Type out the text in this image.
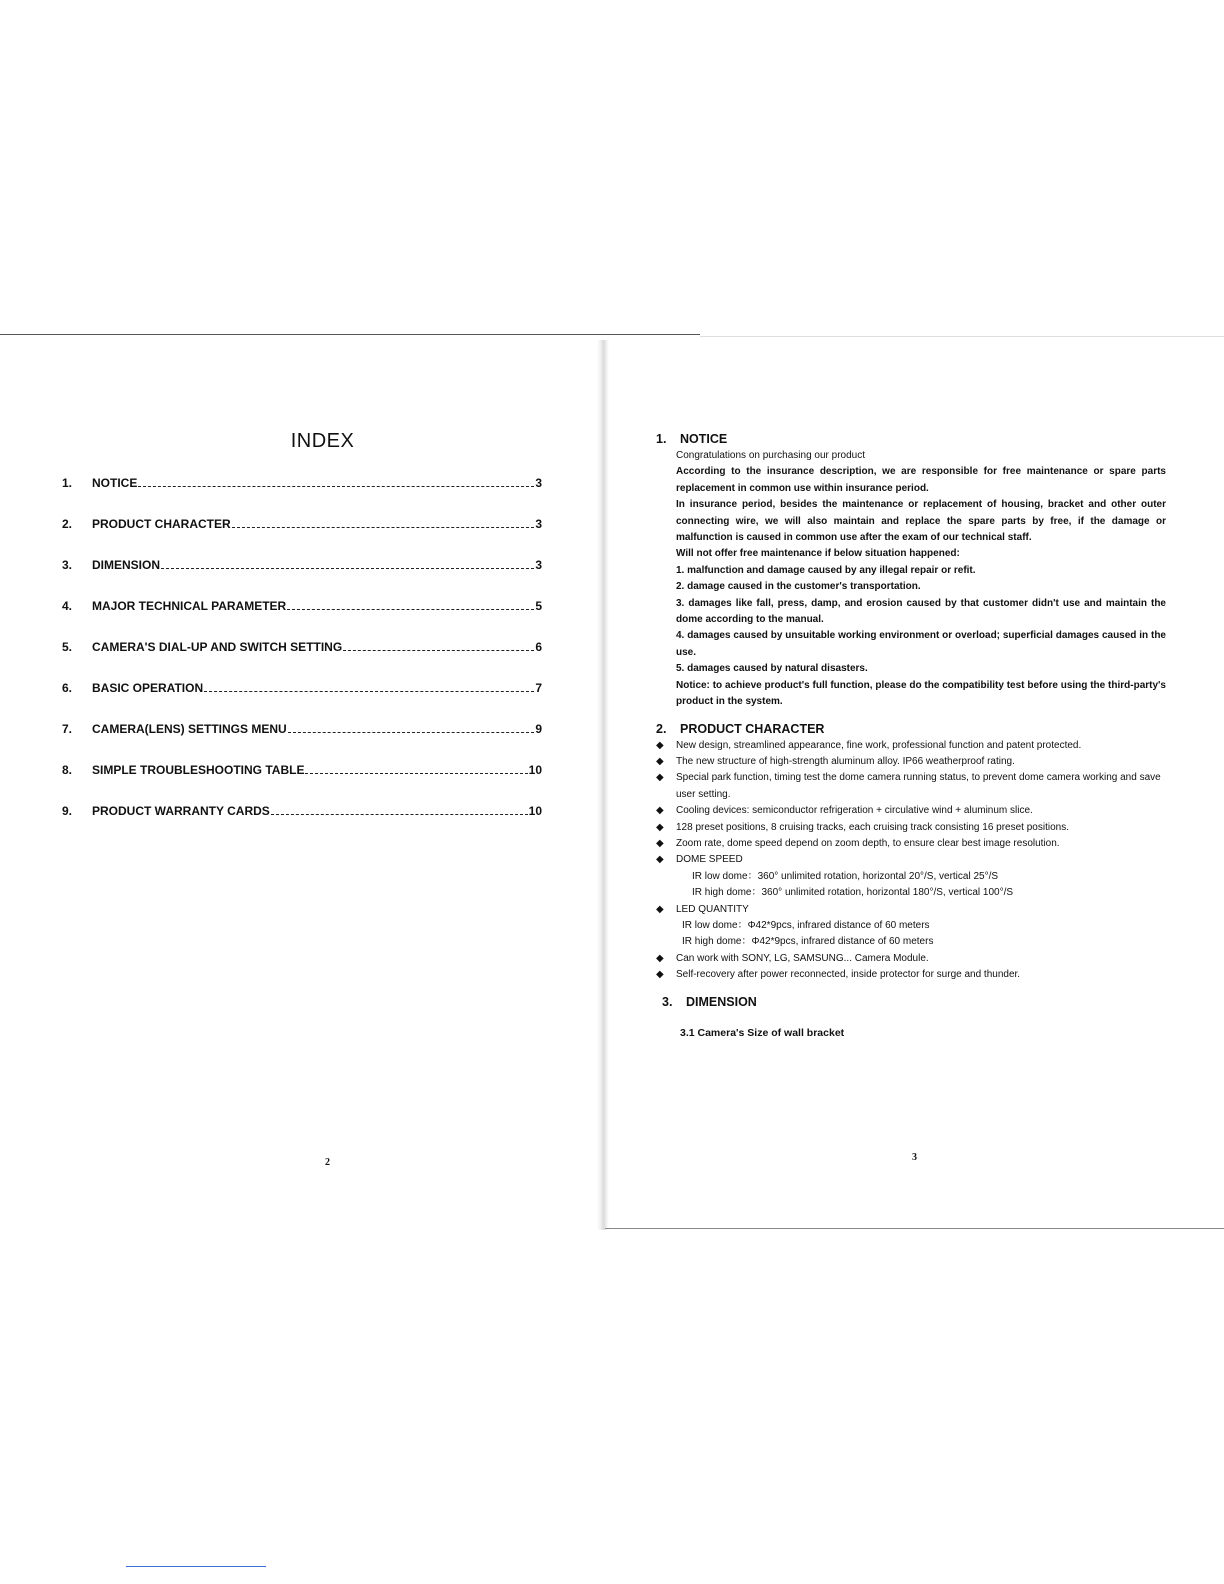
INDEX
1.	NOTICE	3
2.	PRODUCT CHARACTER	3
3.	DIMENSION	3
4.	MAJOR TECHNICAL PARAMETER	5
5.	CAMERA'S DIAL-UP AND SWITCH SETTING	6
6.	BASIC OPERATION	7
7.	CAMERA(LENS) SETTINGS MENU	9
8.	SIMPLE TROUBLESHOOTING TABLE	10
9.	PRODUCT WARRANTY CARDS	10
2
1.	NOTICE

Congratulations on purchasing our product

According to the insurance description, we are responsible for free maintenance or spare parts replacement in common use within insurance period.

In insurance period, besides the maintenance or replacement of housing, bracket and other outer connecting wire, we will also maintain and replace the spare parts by free, if the damage or malfunction is caused in common use after the exam of our technical staff.

Will not offer free maintenance if below situation happened:

1. malfunction and damage caused by any illegal repair or refit.

2. damage caused in the customer's transportation.

3. damages like fall, press, damp, and erosion caused by that customer didn't use and maintain the dome according to the manual.

4. damages caused by unsuitable working environment or overload; superficial damages caused in the use.

5. damages caused by natural disasters.

Notice: to achieve product's full function, please do the compatibility test before using the third-party's product in the system.

2.	PRODUCT CHARACTER
◆	New design, streamlined appearance, fine work, professional function and patent protected.
◆	The new structure of high-strength aluminum alloy. IP66 weatherproof rating.
◆	Special park function, timing test the dome camera running status, to prevent dome camera working and save user setting.
◆	Cooling devices: semiconductor refrigeration + circulative wind + aluminum slice.
◆	128 preset positions, 8 cruising tracks, each cruising track consisting 16 preset positions.
◆	Zoom rate, dome speed depend on zoom depth, to ensure clear best image resolution.
◆	DOME SPEED
IR low dome：360° unlimited rotation, horizontal 20°/S, vertical 25°/S
IR high dome：360° unlimited rotation, horizontal 180°/S, vertical 100°/S
◆	LED QUANTITY
IR low dome：Φ42*9pcs, infrared distance of 60 meters
IR high dome：Φ42*9pcs, infrared distance of 60 meters
◆	Can work with SONY, LG, SAMSUNG... Camera Module.
◆	Self-recovery after power reconnected, inside protector for surge and thunder.
3.	DIMENSION
3.1 Camera's Size of wall bracket
3
